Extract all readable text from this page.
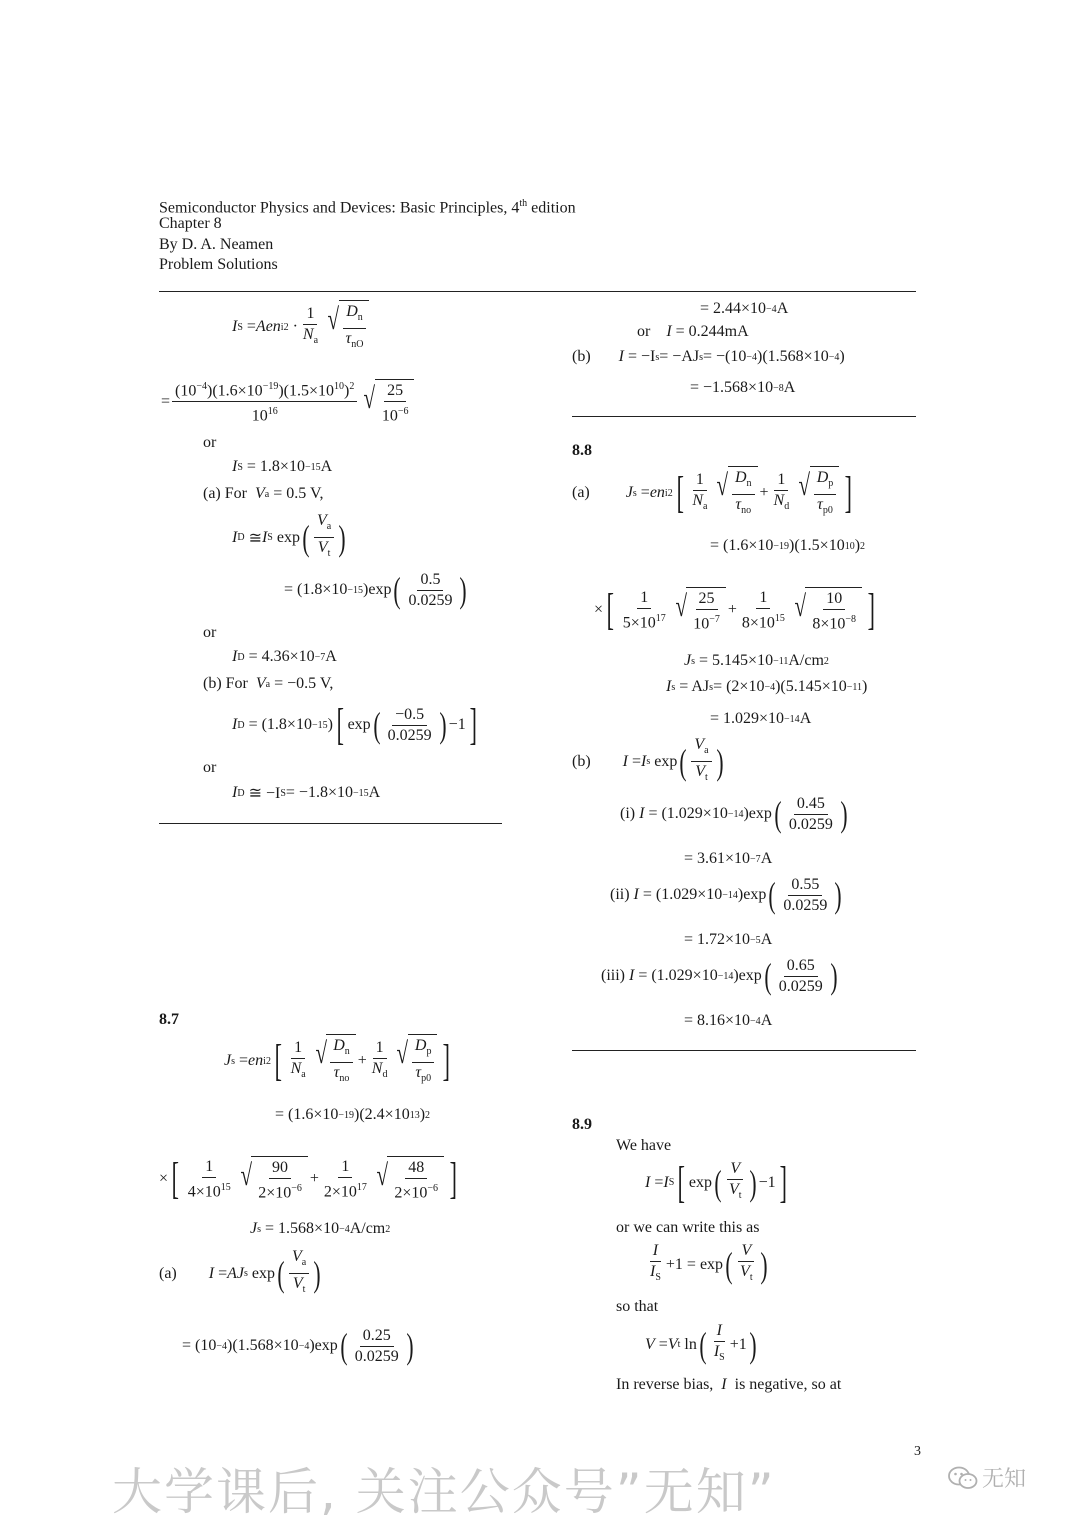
Semiconductor Physics and Devices: Basic Principles, 4th edition
Chapter 8
By D. A. Neamen
Problem Solutions
I S = Aen i $2 \cdot \frac{1}{N_a}$ √ $\frac{D_n}{\tau_{nO}}$
= $\frac{(10^{-4})(1.6\times 10^{-19})(1.5\times 10^{10})^2}{10^{16}}$ √ $\frac{25}{10^{-6}}$
or
I S
= 1.8×10 −15 A
(a) For
V a
= 0.5 V,
I D ≅ I S exp ( $\frac{V_a}{V_t}$ )
= (1.8×10 −15 )exp ( $\frac{0.5}{0.0259}$ )
or
I D
= 4.36×10 −7 A
(b) For
V a
= −0.5 V,
I D = (1.8×10 −15 ) [ exp ( $\frac{-0.5}{0.0259}$ ) −1 ]
or
I D
≅ −I S = −1.8×10 −15 A
8.7
J s = en i 2 [ $\frac{1}{N_a}$ √ $\frac{D_n}{\tau_{no}} + \frac{1}{N_d}$ √ $\frac{D_p}{\tau_{p0}}$ ]
= (1.6×10 −19 )(2.4×10 13 ) 2
× [ $\frac{1}{4\times 10^{15}}$ √ $\frac{90}{2\times 10^{-6}} + \frac{1}{2\times 10^{17}}$ √ $\frac{48}{2\times 10^{-6}}$ ]
J s
= 1.568×10 −4 A/cm 2
(a)
I = AJ s exp ( $\frac{V_a}{V_t}$ )
= (10 −4 )(1.568×10 −4 )exp ( $\frac{0.25}{0.0259}$ )
= 2.44×10 −4 A
or
I
= 0.244mA
(b)
I
= −I s = −AJ s = −(10 −4 )(1.568×10 −4 )
= −1.568×10 −8 A
8.8
(a)
J s = en i 2 [ $\frac{1}{N_a}$ √ $\frac{D_n}{\tau_{no}} + \frac{1}{N_d}$ √ $\frac{D_p}{\tau_{p0}}$ ]
= (1.6×10 −19 )(1.5×10 10 ) 2
× [ $\frac{1}{5\times 10^{17}}$ √ $\frac{25}{10^{-7}} + \frac{1}{8\times 10^{15}}$ √ $\frac{10}{8\times 10^{-8}}$ ]
J s
= 5.145×10 −11 A/cm 2
I s
= AJ s = (2×10 −4 )(5.145×10 −11 )
= 1.029×10 −14 A
(b)
I = I s exp ( $\frac{V_a}{V_t}$ )
(i)
I
= (1.029×10 −14 )exp ( $\frac{0.45}{0.0259}$ )
= 3.61×10 −7 A
(ii)
I
= (1.029×10 −14 )exp ( $\frac{0.55}{0.0259}$ )
= 1.72×10 −5 A
(iii)
I
= (1.029×10 −14 )exp ( $\frac{0.65}{0.0259}$ )
= 8.16×10 −4 A
8.9
We have
I = I S [ exp ( $\frac{V}{V_t}$ ) −1 ]
or we can write this as
$\frac{I}{I_S} +1 = \exp$ ( $\frac{V}{V_t}$ )
so that
V = V t ln ( $\frac{I}{I_S} +1$ )
In reverse bias, I is negative, so at
3
大学课后, 关注公众号”无知”	无知
